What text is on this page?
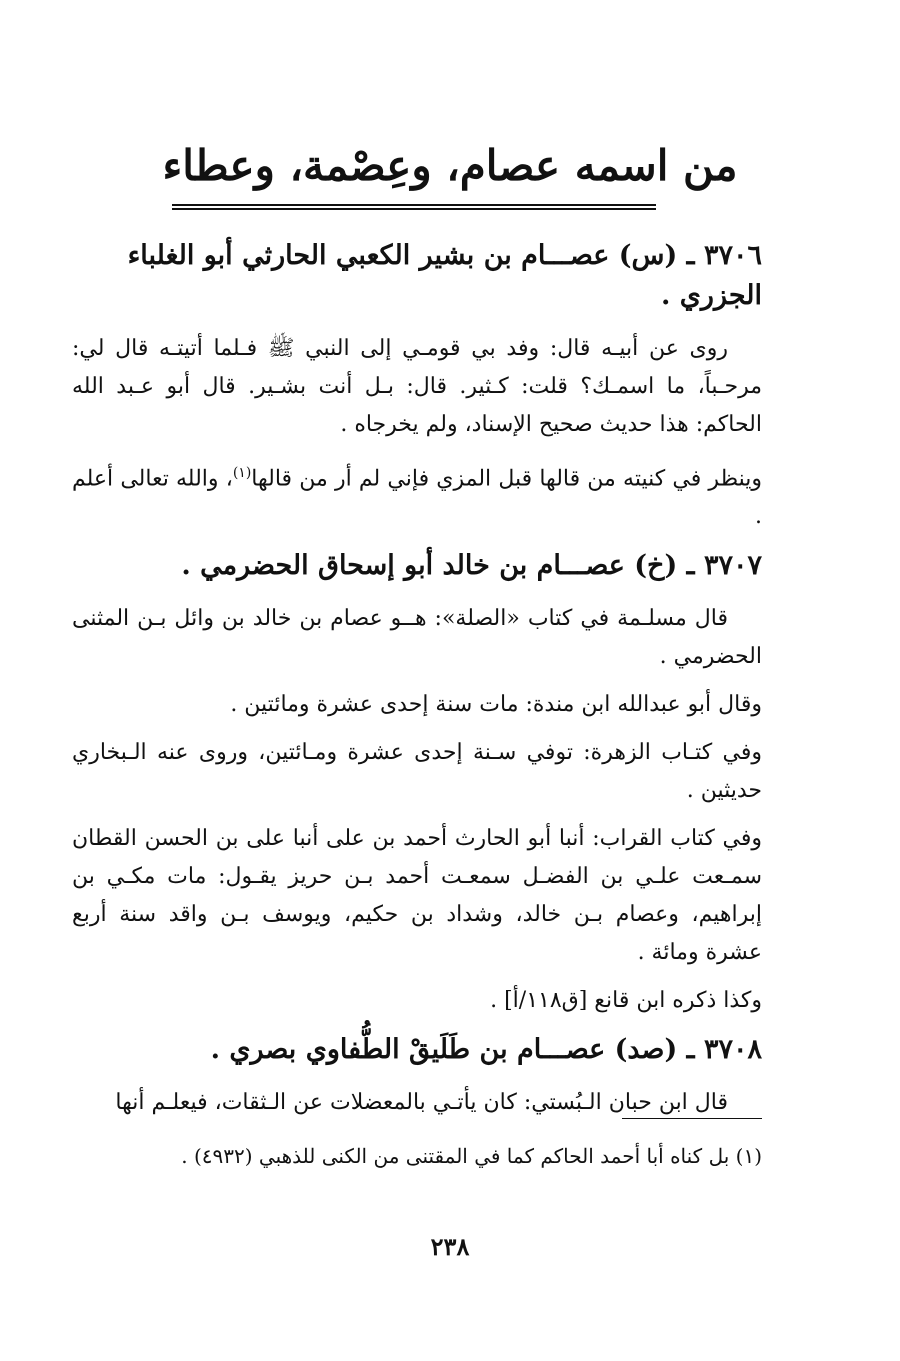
من اسمه عصام، وعِصْمة، وعطاء
٣٧٠٦ ـ (س) عصـــام بن بشير الكعبي الحارثي أبو الغلباء الجزري .

روى عن أبيـه قال: وفد بي قومـي إلى النبي ﷺ فـلما أتيتـه قال لي: مرحـباً، ما اسمـك؟ قلت: كـثير. قال: بـل أنت بشـير. قال أبو عـبد الله الحاكم: هذا حديث صحيح الإسناد، ولم يخرجاه .

وينظر في كنيته من قالها قبل المزي فإني لم أر من قالها$^{(١)}$، والله تعالى أعلم .

٣٧٠٧ ـ (خ) عصـــام بن خالد أبو إسحاق الحضرمي .

قال مسلـمة في كتاب «الصلة»: هــو عصام بن خالد بن وائل بـن المثنى الحضرمي .

وقال أبو عبدالله ابن مندة: مات سنة إحدى عشرة ومائتين .

وفي كتـاب الزهرة: توفي سـنة إحدى عشرة ومـائتين، وروى عنه الـبخاري حديثين .

وفي كتاب القراب: أنبا أبو الحارث أحمد بن على أنبا على بن الحسن القطان سمـعت علـي بن الفضـل سمعـت أحمد بـن حريز يقـول: مات مكـي بن إبراهيم، وعصام بـن خالد، وشداد بن حكيم، ويوسف بـن واقد سنة أربع عشرة ومائة .

وكذا ذكره ابن قانع [ق١١٨/أ] .

٣٧٠٨ ـ (صد) عصـــام بن طَلَيقْ الطُّفاوي بصري .

قال ابن حبان الـبُستي: كان يأتـي بالمعضلات عن الـثقات، فيعلـم أنها

(١) بل كناه أبا أحمد الحاكم كما في المقتنى من الكنى للذهبي (٤٩٣٢) .

٢٣٨
